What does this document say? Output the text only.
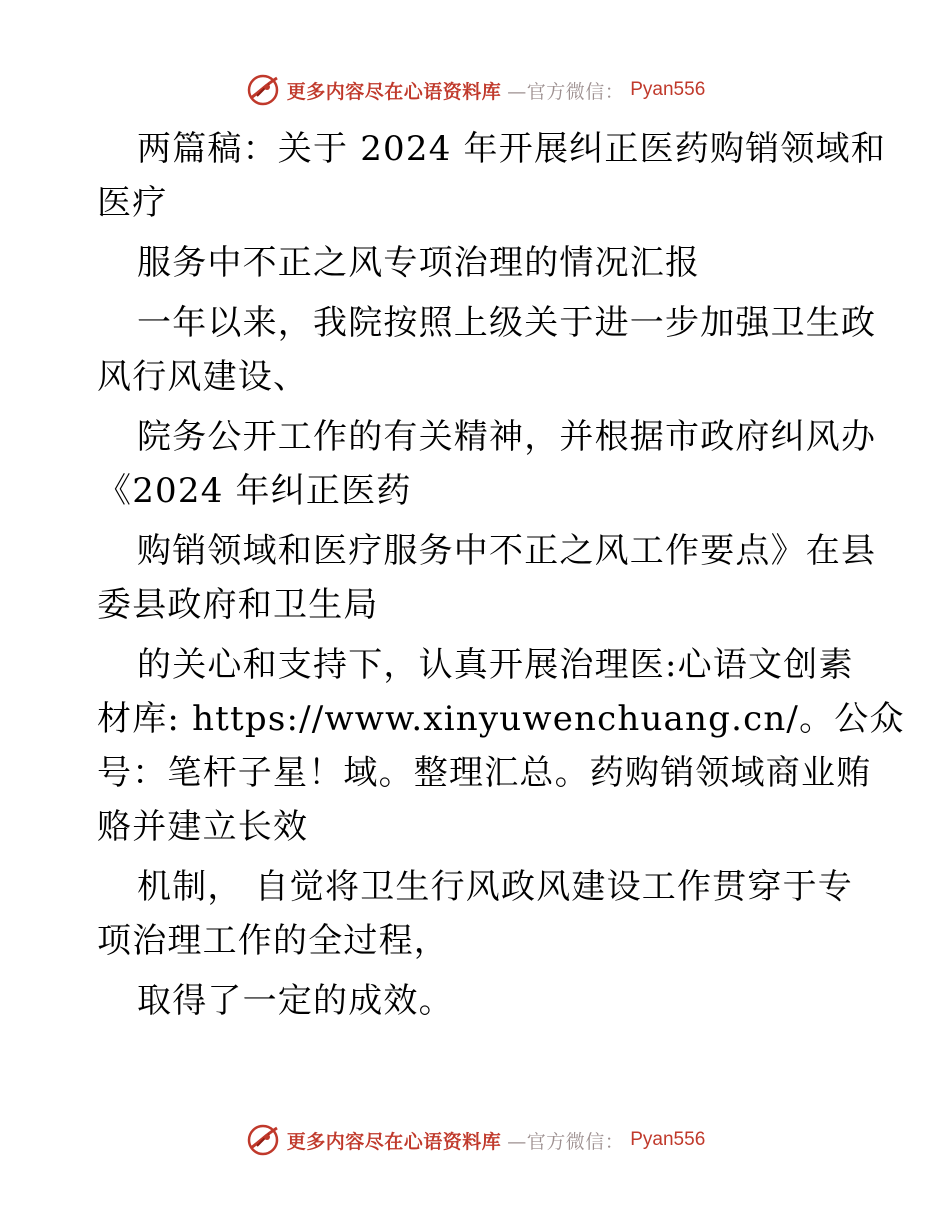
更多内容尽在心语资料库 —官方微信： Pyan556
两篇稿：关于 2024 年开展纠正医药购销领域和
医疗
服务中不正之风专项治理的情况汇报
一年以来，我院按照上级关于进一步加强卫生政
风行风建设、
院务公开工作的有关精神，并根据市政府纠风办
《2024 年纠正医药
购销领域和医疗服务中不正之风工作要点》在县
委县政府和卫生局
的关心和支持下，认真开展治理医:心语文创素
材库: https://www.xinyuwenchuang.cn/。公众
号：笔杆子星！域。整理汇总。药购销领域商业贿
赂并建立长效
机制， 自觉将卫生行风政风建设工作贯穿于专
项治理工作的全过程，
取得了一定的成效。
更多内容尽在心语资料库 —官方微信： Pyan556
